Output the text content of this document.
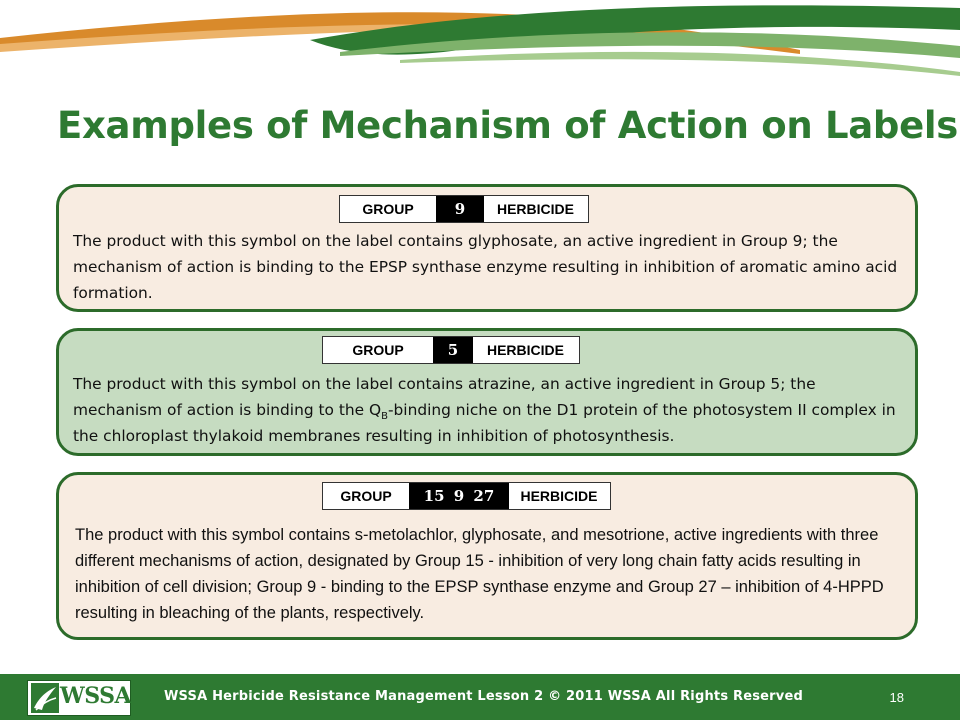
Examples of Mechanism of Action on Labels
GROUP	9	HERBICIDE
The product with this symbol on the label contains glyphosate, an active ingredient in Group 9; the mechanism of action is binding to the EPSP synthase enzyme resulting in inhibition of aromatic amino acid formation.
GROUP	5	HERBICIDE
The product with this symbol on the label contains atrazine, an active ingredient in Group 5; the mechanism of action is binding to the $Q_B$-binding niche on the D1 protein of the photosystem II complex in the chloroplast thylakoid membranes resulting in inhibition of photosynthesis.
GROUP	15 9 27	HERBICIDE
The product with this symbol contains s-metolachlor, glyphosate, and mesotrione, active ingredients with three different mechanisms of action, designated by Group 15 - inhibition of very long chain fatty acids resulting in inhibition of cell division; Group 9 - binding to the EPSP synthase enzyme and Group 27 – inhibition of 4-HPPD resulting in bleaching of the plants, respectively.
WSSA	WSSA Herbicide Resistance Management Lesson 2 © 2011 WSSA All Rights Reserved	18
